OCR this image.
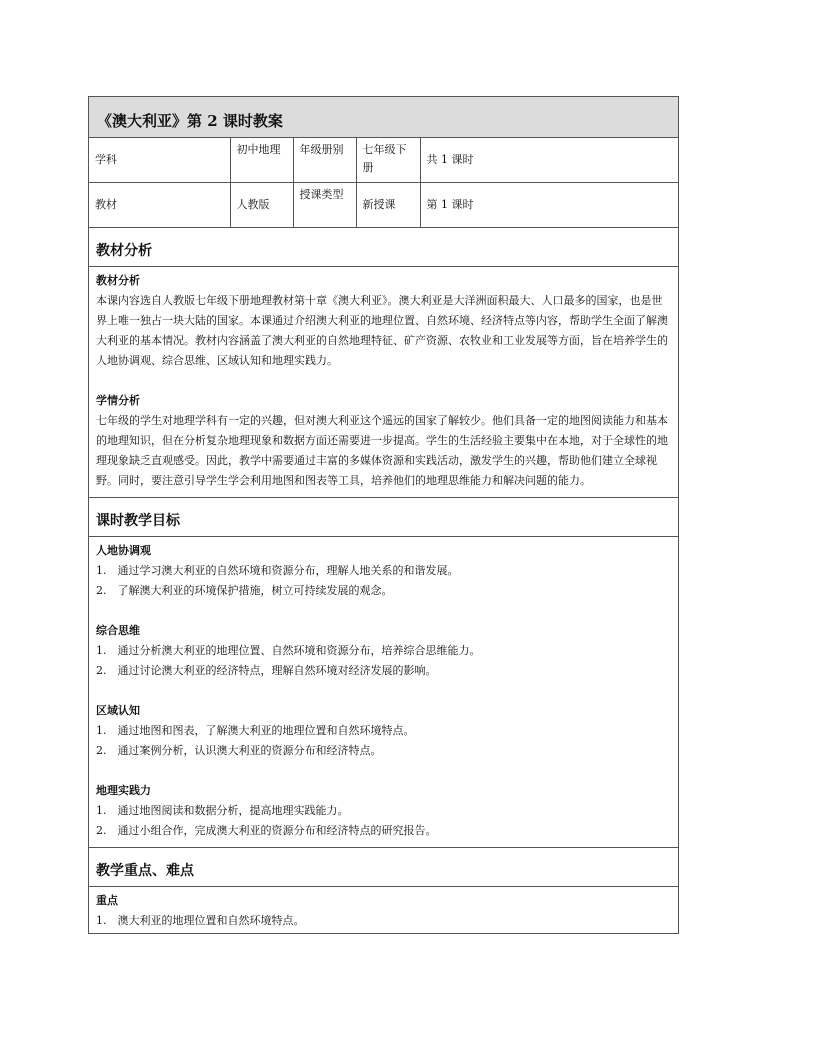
《澳大利亚》第 2 课时教案
学科	初中地理	年级册别	七年级下册	共 1 课时
教材	人教版	授课类型	新授课	第 1 课时
教材分析

教材分析

本课内容选自人教版七年级下册地理教材第十章《澳大利亚》。澳大利亚是大洋洲面积最大、人口最多的国家，也是世界上唯一独占一块大陆的国家。本课通过介绍澳大利亚的地理位置、自然环境、经济特点等内容，帮助学生全面了解澳大利亚的基本情况。教材内容涵盖了澳大利亚的自然地理特征、矿产资源、农牧业和工业发展等方面，旨在培养学生的人地协调观、综合思维、区域认知和地理实践力。

学情分析

七年级的学生对地理学科有一定的兴趣，但对澳大利亚这个遥远的国家了解较少。他们具备一定的地图阅读能力和基本的地理知识，但在分析复杂地理现象和数据方面还需要进一步提高。学生的生活经验主要集中在本地，对于全球性的地理现象缺乏直观感受。因此，教学中需要通过丰富的多媒体资源和实践活动，激发学生的兴趣，帮助他们建立全球视野。同时，要注意引导学生学会利用地图和图表等工具，培养他们的地理思维能力和解决问题的能力。

课时教学目标

人地协调观

1.　通过学习澳大利亚的自然环境和资源分布，理解人地关系的和谐发展。

2.　了解澳大利亚的环境保护措施，树立可持续发展的观念。

综合思维

1.　通过分析澳大利亚的地理位置、自然环境和资源分布，培养综合思维能力。

2.　通过讨论澳大利亚的经济特点，理解自然环境对经济发展的影响。

区域认知

1.　通过地图和图表，了解澳大利亚的地理位置和自然环境特点。

2.　通过案例分析，认识澳大利亚的资源分布和经济特点。

地理实践力

1.　通过地图阅读和数据分析，提高地理实践能力。

2.　通过小组合作，完成澳大利亚的资源分布和经济特点的研究报告。

教学重点、难点

重点

1.　澳大利亚的地理位置和自然环境特点。
